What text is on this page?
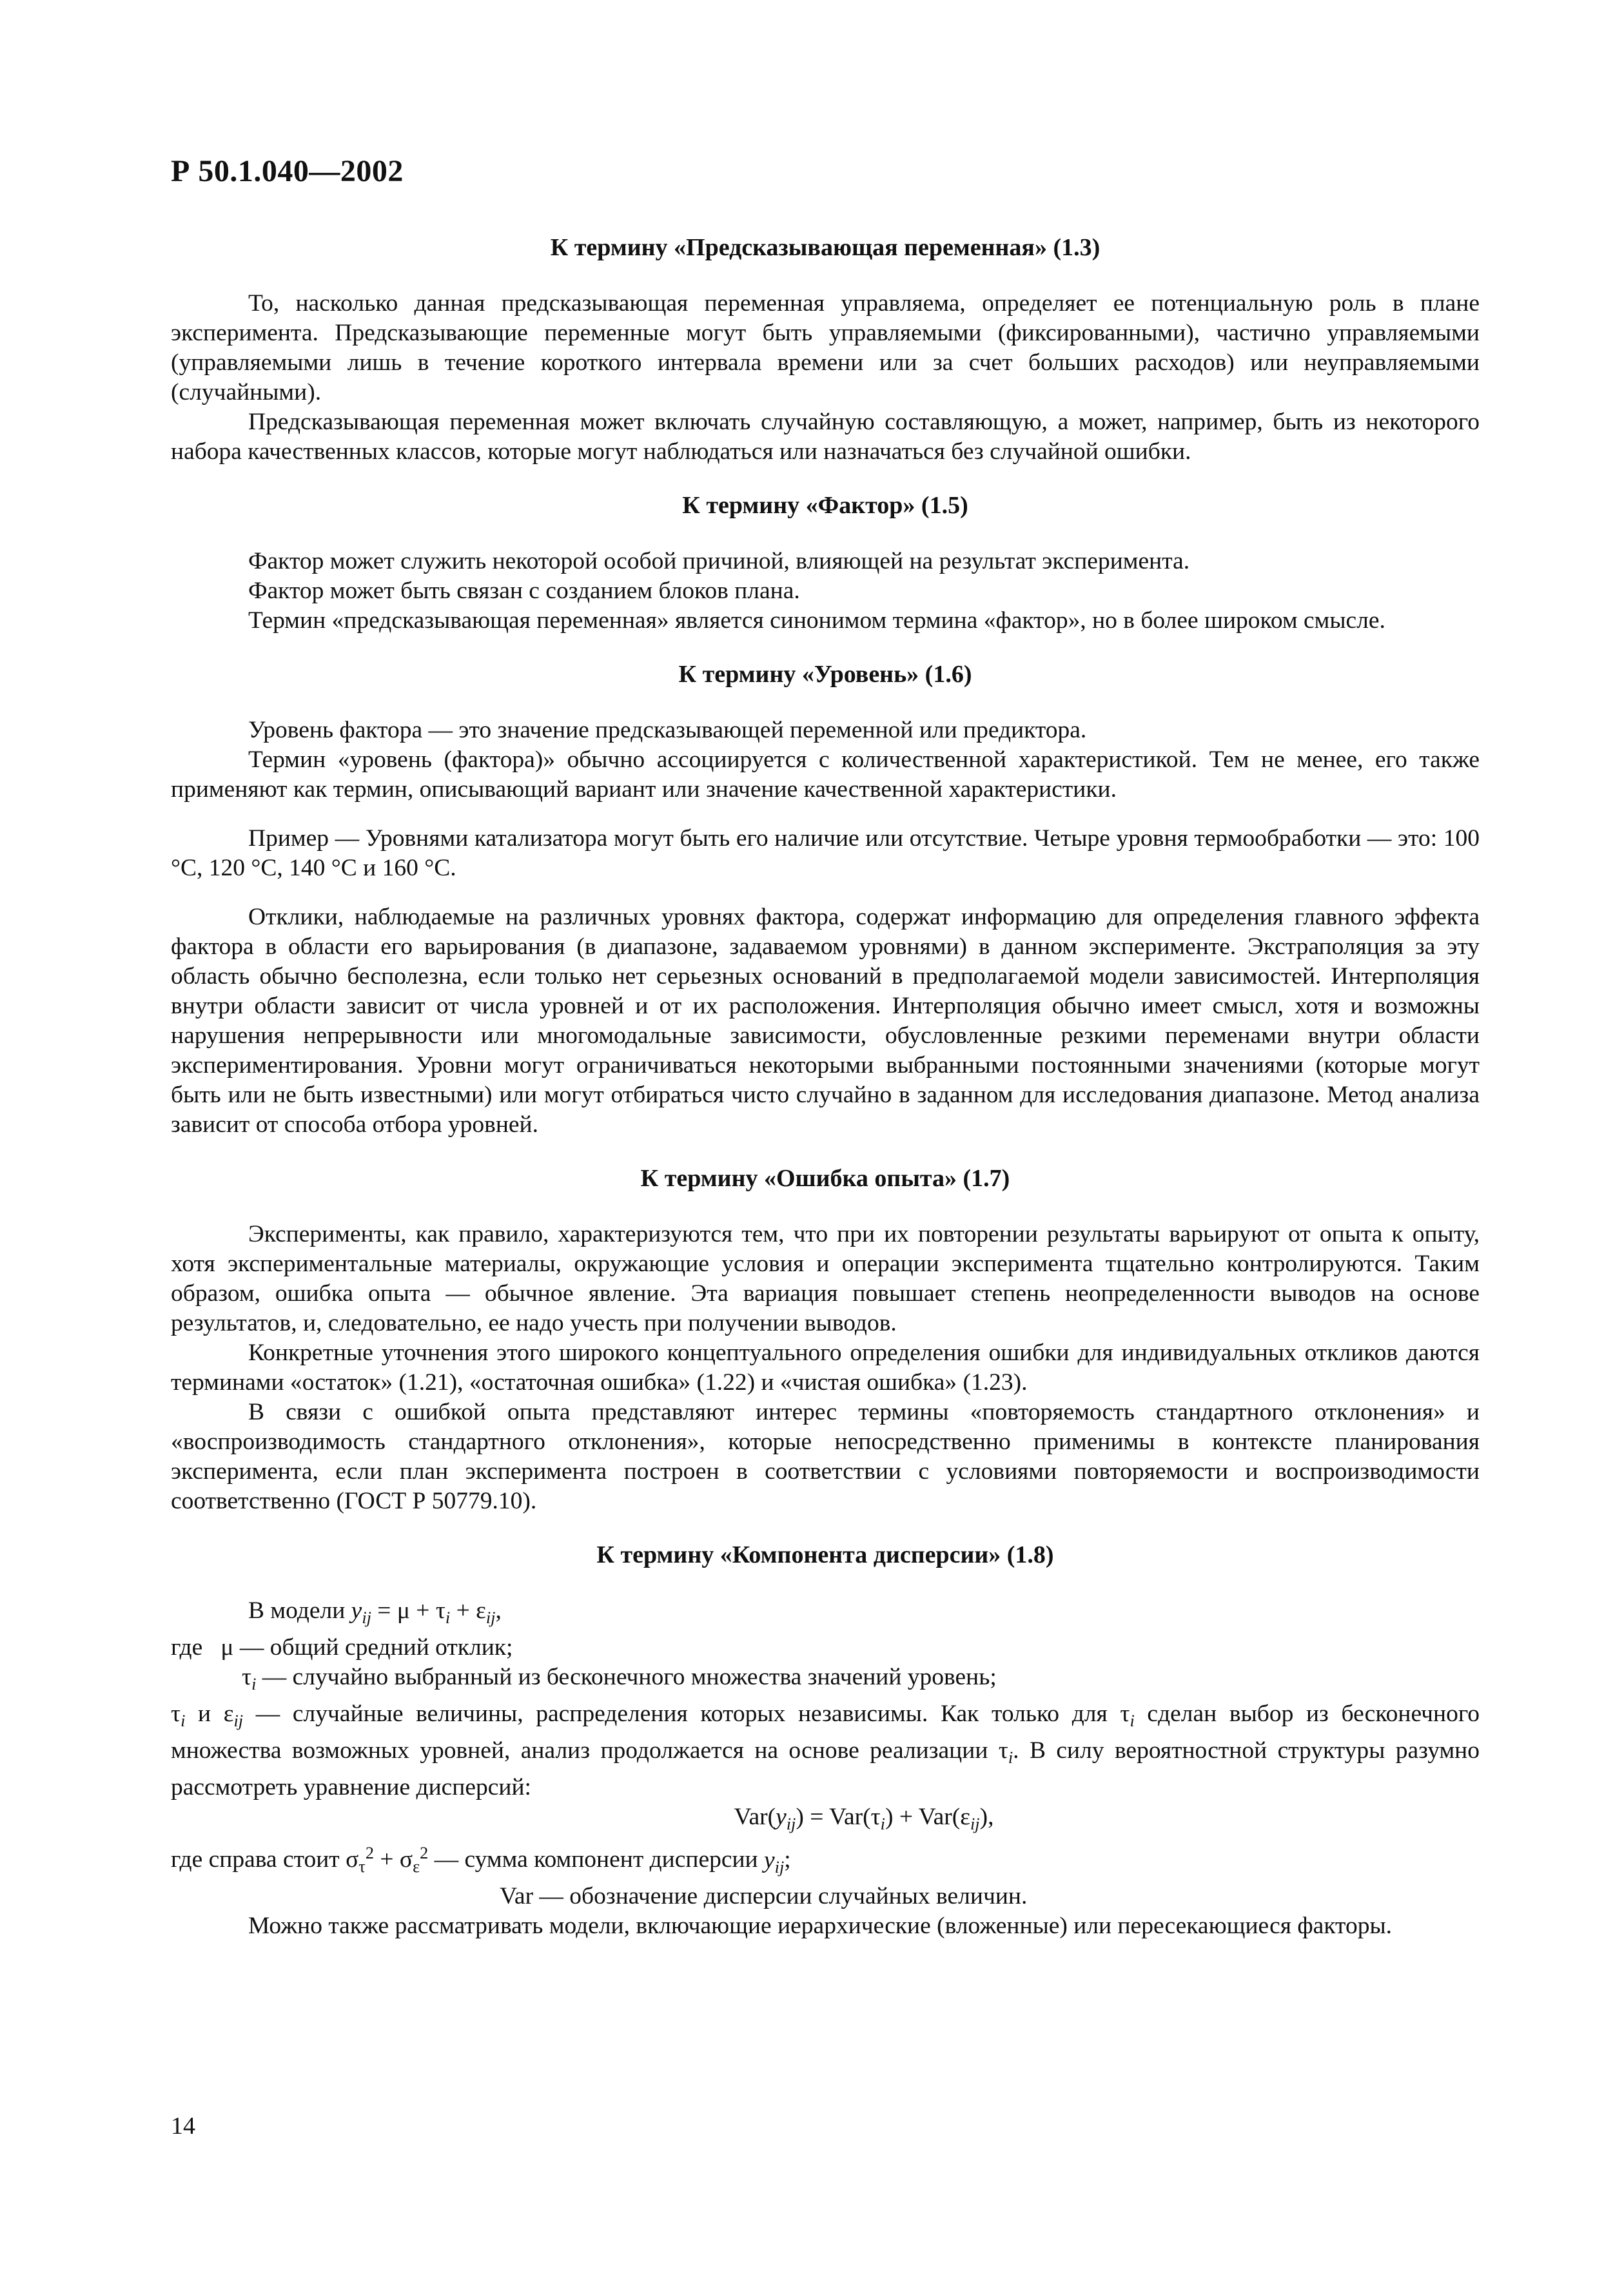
Р 50.1.040—2002
К термину «Предсказывающая переменная» (1.3)

То, насколько данная предсказывающая переменная управляема, определяет ее потенциальную роль в плане эксперимента. Предсказывающие переменные могут быть управляемыми (фиксированными), частично управляемыми (управляемыми лишь в течение короткого интервала времени или за счет больших расходов) или неуправляемыми (случайными).

Предсказывающая переменная может включать случайную составляющую, а может, например, быть из некоторого набора качественных классов, которые могут наблюдаться или назначаться без случайной ошибки.

К термину «Фактор» (1.5)

Фактор может служить некоторой особой причиной, влияющей на результат эксперимента.

Фактор может быть связан с созданием блоков плана.

Термин «предсказывающая переменная» является синонимом термина «фактор», но в более широком смысле.

К термину «Уровень» (1.6)

Уровень фактора — это значение предсказывающей переменной или предиктора.

Термин «уровень (фактора)» обычно ассоциируется с количественной характеристикой. Тем не менее, его также применяют как термин, описывающий вариант или значение качественной характеристики.

Пример — Уровнями катализатора могут быть его наличие или отсутствие. Четыре уровня термообработки — это: 100 °С, 120 °С, 140 °С и 160 °С.

Отклики, наблюдаемые на различных уровнях фактора, содержат информацию для определения главного эффекта фактора в области его варьирования (в диапазоне, задаваемом уровнями) в данном эксперименте. Экстраполяция за эту область обычно бесполезна, если только нет серьезных оснований в предполагаемой модели зависимостей. Интерполяция внутри области зависит от числа уровней и от их расположения. Интерполяция обычно имеет смысл, хотя и возможны нарушения непрерывности или многомодальные зависимости, обусловленные резкими переменами внутри области экспериментирования. Уровни могут ограничиваться некоторыми выбранными постоянными значениями (которые могут быть или не быть известными) или могут отбираться чисто случайно в заданном для исследования диапазоне. Метод анализа зависит от способа отбора уровней.

К термину «Ошибка опыта» (1.7)

Эксперименты, как правило, характеризуются тем, что при их повторении результаты варьируют от опыта к опыту, хотя экспериментальные материалы, окружающие условия и операции эксперимента тщательно контролируются. Таким образом, ошибка опыта — обычное явление. Эта вариация повышает степень неопределенности выводов на основе результатов, и, следовательно, ее надо учесть при получении выводов.

Конкретные уточнения этого широкого концептуального определения ошибки для индивидуальных откликов даются терминами «остаток» (1.21), «остаточная ошибка» (1.22) и «чистая ошибка» (1.23).

В связи с ошибкой опыта представляют интерес термины «повторяемость стандартного отклонения» и «воспроизводимость стандартного отклонения», которые непосредственно применимы в контексте планирования эксперимента, если план эксперимента построен в соответствии с условиями повторяемости и воспроизводимости соответственно (ГОСТ Р 50779.10).

К термину «Компонента дисперсии» (1.8)

В модели $y_{ij} = \mu + \tau_i + \varepsilon_{ij}$,

где   μ — общий средний отклик;

$\tau_i$ — случайно выбранный из бесконечного множества значений уровень;

$\tau_i$ и $\varepsilon_{ij}$ — случайные величины, распределения которых независимы. Как только для $\tau_i$ сделан выбор из бесконечного множества возможных уровней, анализ продолжается на основе реализации $\tau_i$. В силу вероятностной структуры разумно рассмотреть уравнение дисперсий:

$Var(y_{ij}) = Var(\tau_i) + Var(\varepsilon_{ij})$,

где справа стоит $\sigma_\tau^2 + \sigma_\varepsilon^2$ — сумма компонент дисперсии $y_{ij}$;

Var — обозначение дисперсии случайных величин.

Можно также рассматривать модели, включающие иерархические (вложенные) или пересекающиеся факторы.

14
